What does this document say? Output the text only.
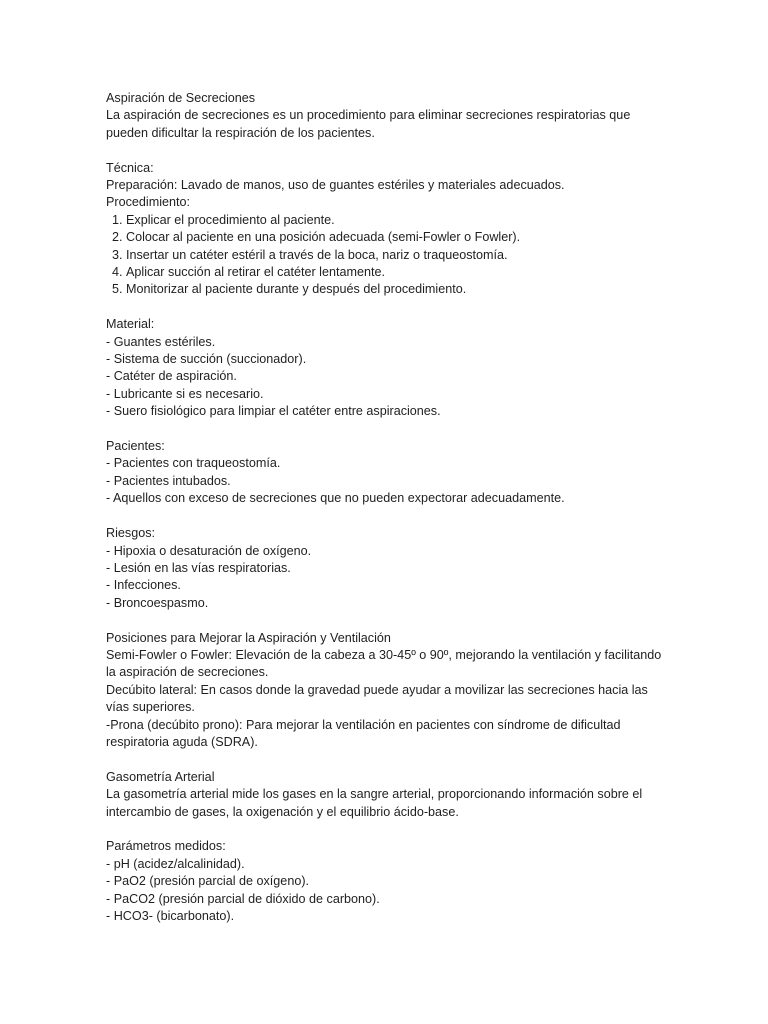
Aspiración de Secreciones

La aspiración de secreciones es un procedimiento para eliminar secreciones respiratorias que

pueden dificultar la respiración de los pacientes.

Técnica:

Preparación: Lavado de manos, uso de guantes estériles y materiales adecuados.

Procedimiento:

1. Explicar el procedimiento al paciente.
2. Colocar al paciente en una posición adecuada (semi-Fowler o Fowler).
3. Insertar un catéter estéril a través de la boca, nariz o traqueostomía.
4. Aplicar succión al retirar el catéter lentamente.
5. Monitorizar al paciente durante y después del procedimiento.

Material:

- Guantes estériles.
- Sistema de succión (succionador).
- Catéter de aspiración.
- Lubricante si es necesario.
- Suero fisiológico para limpiar el catéter entre aspiraciones.

Pacientes:

- Pacientes con traqueostomía.
- Pacientes intubados.
- Aquellos con exceso de secreciones que no pueden expectorar adecuadamente.

Riesgos:

- Hipoxia o desaturación de oxígeno.
- Lesión en las vías respiratorias.
- Infecciones.
- Broncoespasmo.

Posiciones para Mejorar la Aspiración y Ventilación

Semi-Fowler o Fowler: Elevación de la cabeza a 30-45º o 90º, mejorando la ventilación y facilitando

la aspiración de secreciones.

Decúbito lateral: En casos donde la gravedad puede ayudar a movilizar las secreciones hacia las

vías superiores.

-Prona (decúbito prono): Para mejorar la ventilación en pacientes con síndrome de dificultad

respiratoria aguda (SDRA).

Gasometría Arterial

La gasometría arterial mide los gases en la sangre arterial, proporcionando información sobre el

intercambio de gases, la oxigenación y el equilibrio ácido-base.

Parámetros medidos:

- pH (acidez/alcalinidad).
- PaO2 (presión parcial de oxígeno).
- PaCO2 (presión parcial de dióxido de carbono).
- HCO3- (bicarbonato).
